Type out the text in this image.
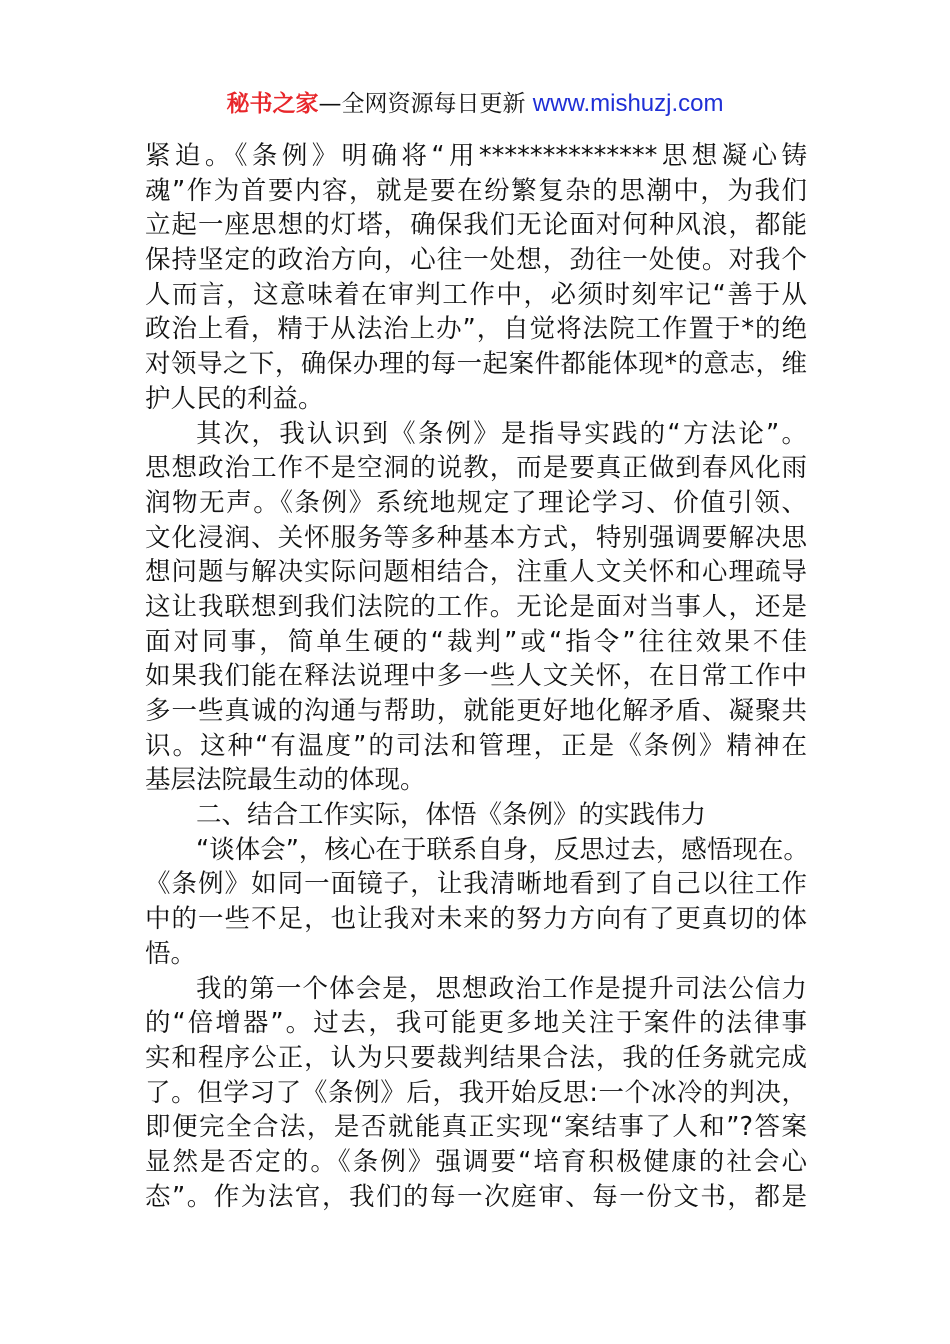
秘书之家—全网资源每日更新 www.mishuzj.com
紧迫。《条例》明确将“用**************思想凝心铸
魂”作为首要内容，就是要在纷繁复杂的思潮中，为我们
立起一座思想的灯塔，确保我们无论面对何种风浪，都能
保持坚定的政治方向，心往一处想，劲往一处使。对我个
人而言，这意味着在审判工作中，必须时刻牢记“善于从
政治上看，精于从法治上办”，自觉将法院工作置于*的绝
对领导之下，确保办理的每一起案件都能体现*的意志，维
护人民的利益。
其次，我认识到《条例》是指导实践的“方法论”。
思想政治工作不是空洞的说教，而是要真正做到春风化雨
润物无声。《条例》系统地规定了理论学习、价值引领、
文化浸润、关怀服务等多种基本方式，特别强调要解决思
想问题与解决实际问题相结合，注重人文关怀和心理疏导
这让我联想到我们法院的工作。无论是面对当事人，还是
面对同事，简单生硬的“裁判”或“指令”往往效果不佳
如果我们能在释法说理中多一些人文关怀，在日常工作中
多一些真诚的沟通与帮助，就能更好地化解矛盾、凝聚共
识。这种“有温度”的司法和管理，正是《条例》精神在
基层法院最生动的体现。
二、结合工作实际，体悟《条例》的实践伟力
“谈体会”，核心在于联系自身，反思过去，感悟现在。
《条例》如同一面镜子，让我清晰地看到了自己以往工作
中的一些不足，也让我对未来的努力方向有了更真切的体
悟。
我的第一个体会是，思想政治工作是提升司法公信力
的“倍增器”。过去，我可能更多地关注于案件的法律事
实和程序公正，认为只要裁判结果合法，我的任务就完成
了。但学习了《条例》后，我开始反思:一个冰冷的判决，
即便完全合法，是否就能真正实现“案结事了人和”?答案
显然是否定的。《条例》强调要“培育积极健康的社会心
态”。作为法官，我们的每一次庭审、每一份文书，都是
